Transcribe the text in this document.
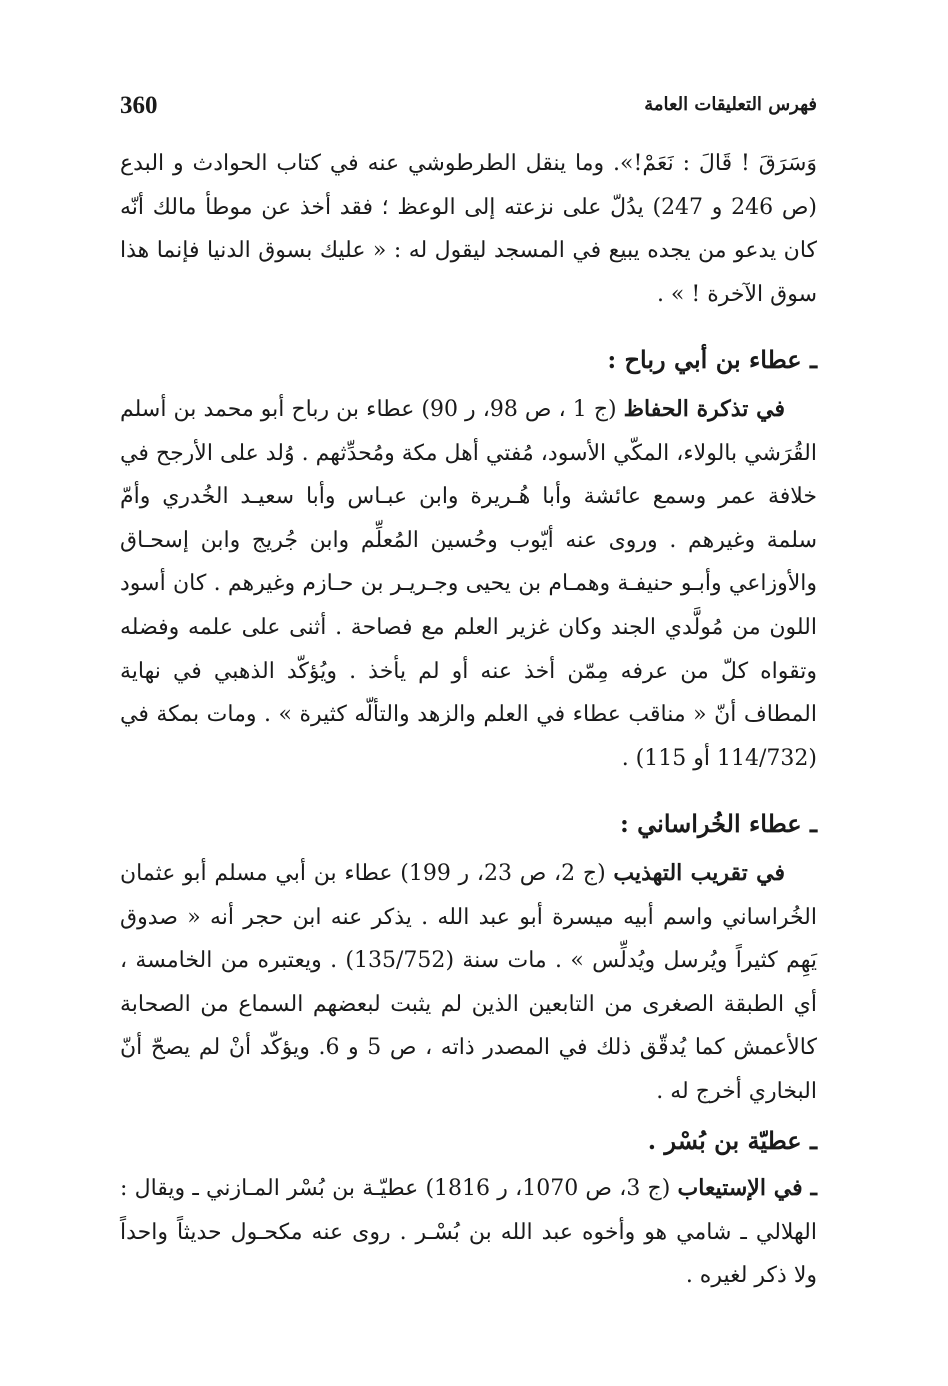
360	فهرس التعليقات العامة

وَسَرَقَ ! قَالَ : نَعَمْ!». وما ينقل الطرطوشي عنه في كتاب الحوادث و البدع (ص 246 و 247) يدُلّ على نزعته إلى الوعظ ؛ فقد أخذ عن موطأ مالك أنّه كان يدعو من يجده يبيع في المسجد ليقول له : « عليك بسوق الدنيا فإنما هذا سوق الآخرة ! » .

ـ عطاء بن أبي رباح :

في تذكرة الحفاظ (ج 1 ، ص 98، ر 90) عطاء بن رباح أبو محمد بن أسلم القُرَشي بالولاء، المكّي الأسود، مُفتي أهل مكة ومُحدِّثهم . وُلد على الأرجح في خلافة عمر وسمع عائشة وأبا هُـريرة وابن عبـاس وأبا سعيـد الخُدري وأمّ سلمة وغيرهم . وروى عنه أيّوب وحُسين المُعلِّم وابن جُريج وابن إسحـاق والأوزاعي وأبـو حنيفـة وهمـام بن يحيى وجـريـر بن حـازم وغيرهم . كان أسود اللون من مُولَّدي الجند وكان غزير العلم مع فصاحة . أثنى على علمه وفضله وتقواه كلّ من عرفه مِمّن أخذ عنه أو لم يأخذ . ويُؤكّد الذهبي في نهاية المطاف أنّ « مناقب عطاء في العلم والزهد والتألّه كثيرة » . ومات بمكة في (114/732 أو 115) .

ـ عطاء الخُراساني :

في تقريب التهذيب (ج 2، ص 23، ر 199) عطاء بن أبي مسلم أبو عثمان الخُراساني واسم أبيه ميسرة أبو عبد الله . يذكر عنه ابن حجر أنه « صدوق يَهِم كثيراً ويُرسل ويُدلِّس » . مات سنة (135/752) . ويعتبره من الخامسة ، أي الطبقة الصغرى من التابعين الذين لم يثبت لبعضهم السماع من الصحابة كالأعمش كما يُدقّق ذلك في المصدر ذاته ، ص 5 و 6. ويؤكّد أنْ لم يصحّ أنّ البخاري أخرج له .

ـ عطيّة بن بُسْر .

ـ في الإستيعاب (ج 3، ص 1070، ر 1816) عطيّـة بن بُسْر المـازني ـ ويقال : الهلالي ـ شامي هو وأخوه عبد الله بن بُسْـر . روى عنه مكحـول حديثاً واحداً ولا ذكر لغيره .
